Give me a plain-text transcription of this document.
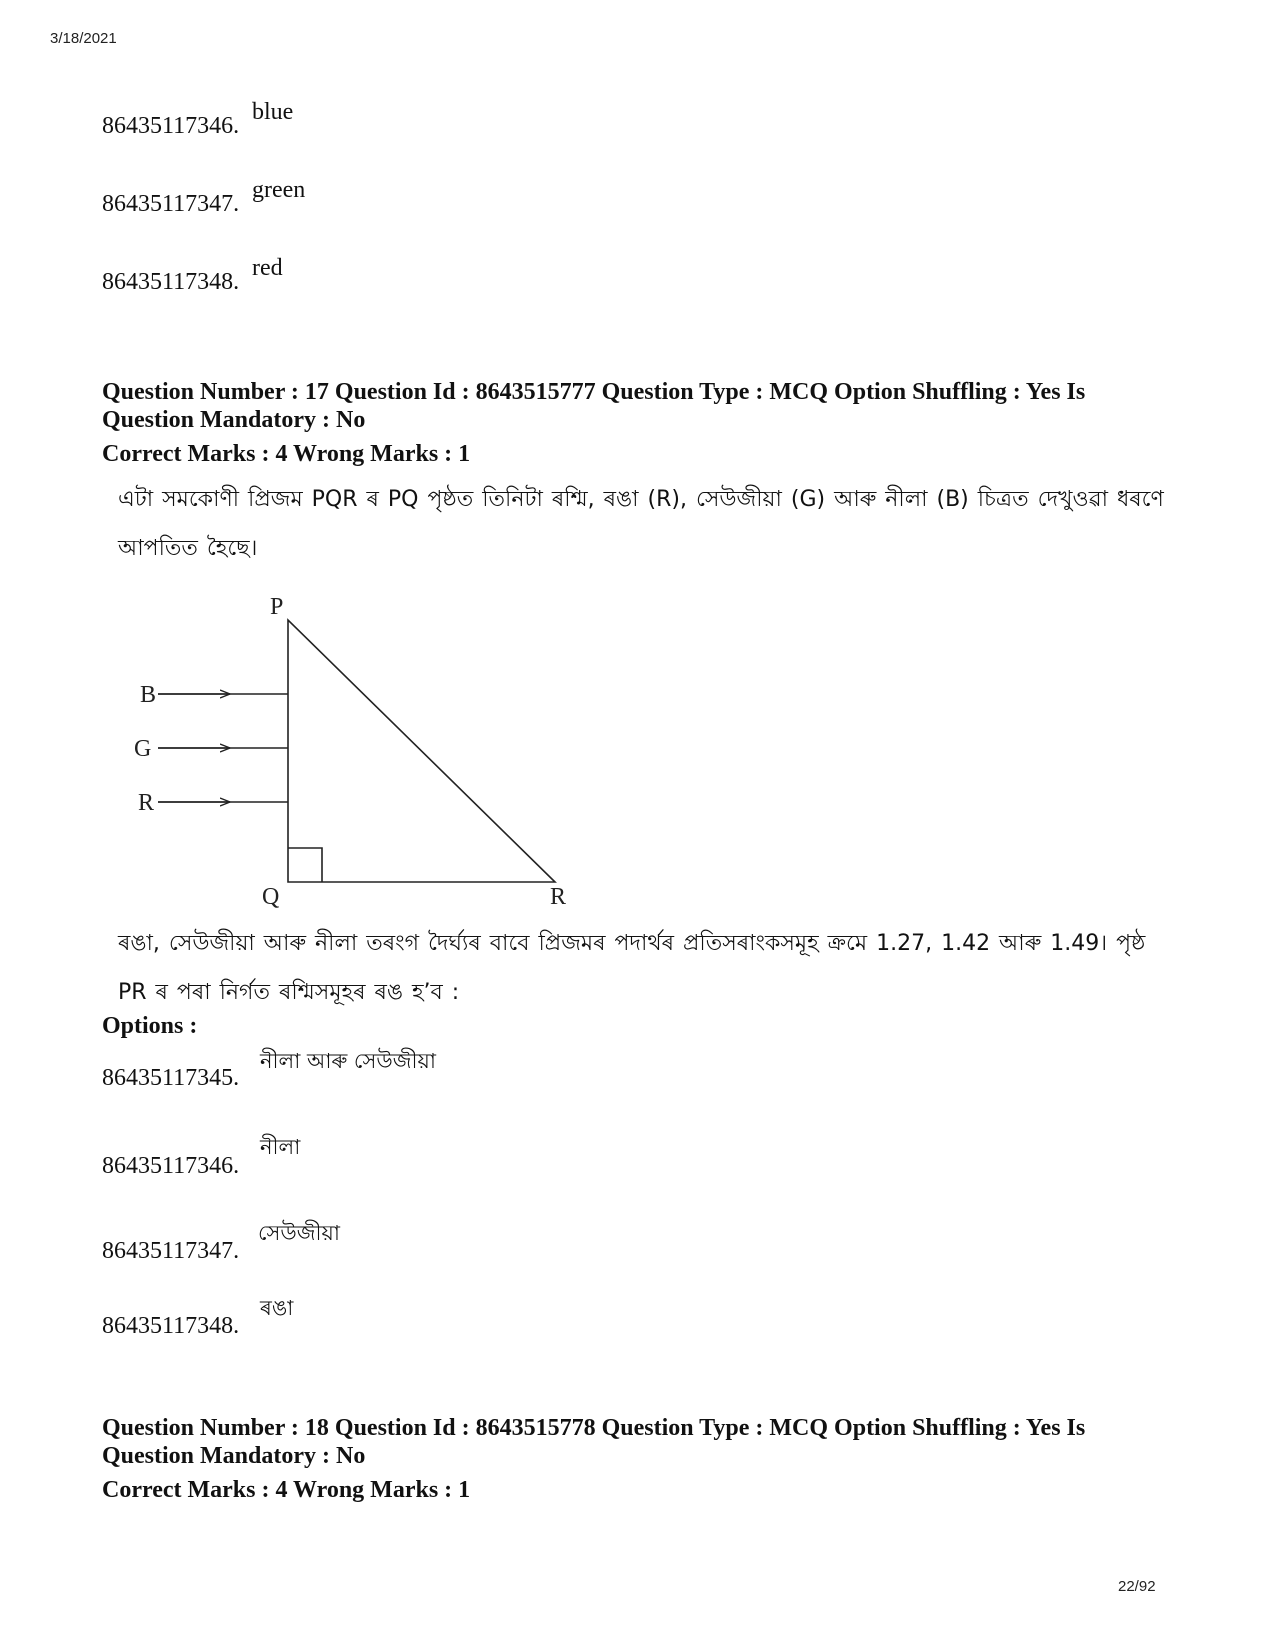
3/18/2021
86435117346.
blue
86435117347.
green
86435117348.
red
Question Number : 17 Question Id : 8643515777 Question Type : MCQ Option Shuffling : Yes Is
Question Mandatory : No
Correct Marks : 4 Wrong Marks : 1
এটা সমকোণী প্ৰিজম PQR ৰ PQ পৃষ্ঠত তিনিটা ৰশ্মি, ৰঙা (R), সেউজীয়া (G) আৰু নীলা (B) চিত্ৰত দেখুওৱা ধৰণে
আপতিত হৈছে।
P
Q	R
B
G
R
ৰঙা, সেউজীয়া আৰু নীলা তৰংগ দৈৰ্ঘ্যৰ বাবে প্ৰিজমৰ পদাৰ্থৰ প্ৰতিসৰাংকসমূহ ক্ৰমে 1.27, 1.42 আৰু 1.49। পৃষ্ঠ
PR ৰ পৰা নিৰ্গত ৰশ্মিসমূহৰ ৰঙ হ’ব :
Options :
86435117345.
নীলা আৰু সেউজীয়া
86435117346.
নীলা
86435117347.
সেউজীয়া
86435117348.
ৰঙা
Question Number : 18 Question Id : 8643515778 Question Type : MCQ Option Shuffling : Yes Is
Question Mandatory : No
Correct Marks : 4 Wrong Marks : 1
22/92
